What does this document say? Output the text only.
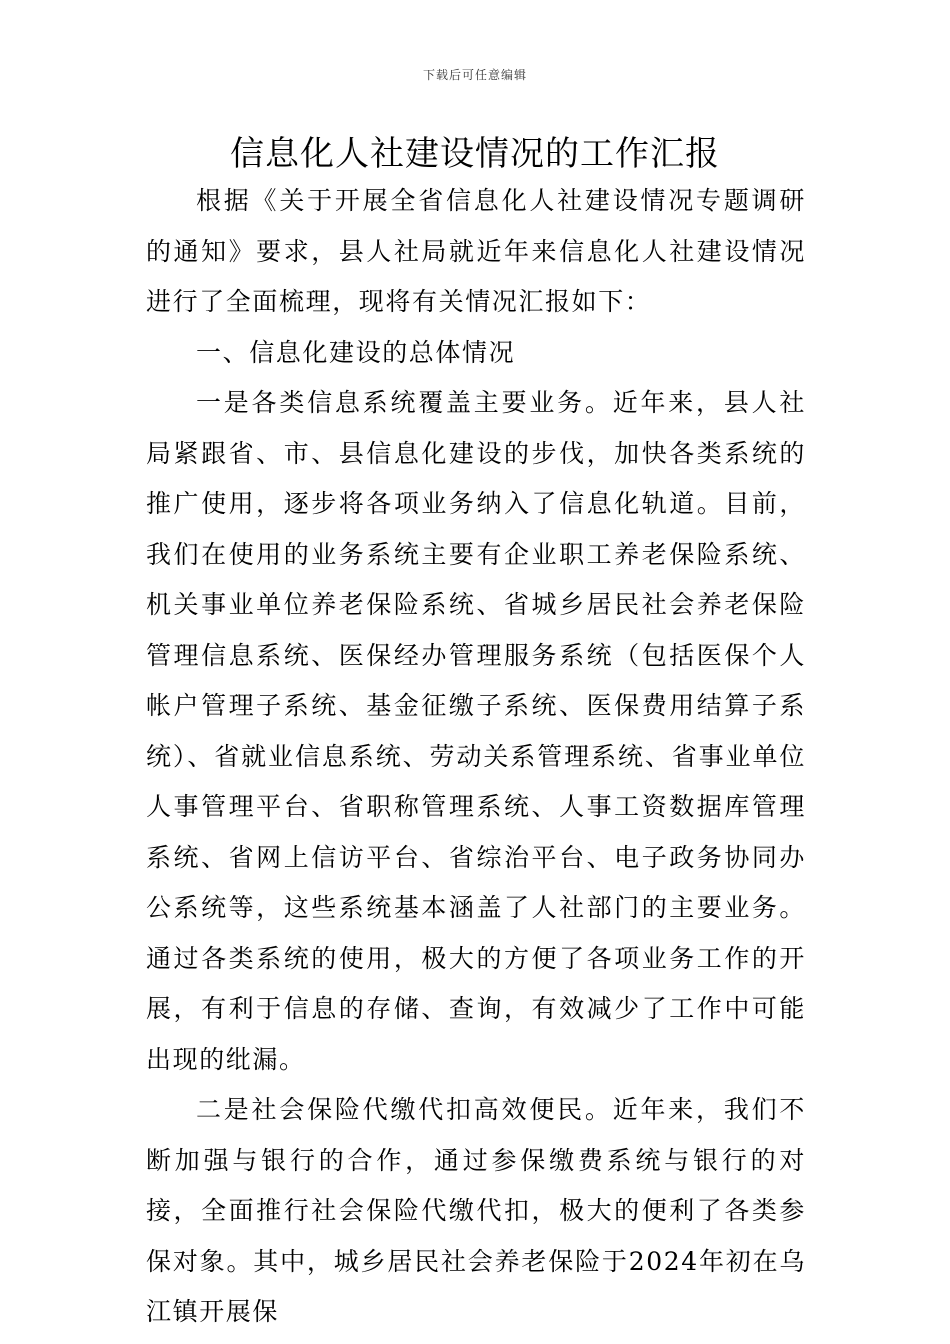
下载后可任意编辑
信息化人社建设情况的工作汇报

根据《关于开展全省信息化人社建设情况专题调研的通知》要求，县人社局就近年来信息化人社建设情况进行了全面梳理，现将有关情况汇报如下：

一、信息化建设的总体情况

一是各类信息系统覆盖主要业务。近年来，县人社局紧跟省、市、县信息化建设的步伐，加快各类系统的推广使用，逐步将各项业务纳入了信息化轨道。目前，我们在使用的业务系统主要有企业职工养老保险系统、机关事业单位养老保险系统、省城乡居民社会养老保险管理信息系统、医保经办管理服务系统（包括医保个人帐户管理子系统、基金征缴子系统、医保费用结算子系统）、省就业信息系统、劳动关系管理系统、省事业单位人事管理平台、省职称管理系统、人事工资数据库管理系统、省网上信访平台、省综治平台、电子政务协同办公系统等，这些系统基本涵盖了人社部门的主要业务。通过各类系统的使用，极大的方便了各项业务工作的开展，有利于信息的存储、查询，有效减少了工作中可能出现的纰漏。

二是社会保险代缴代扣高效便民。近年来，我们不断加强与银行的合作，通过参保缴费系统与银行的对接，全面推行社会保险代缴代扣，极大的便利了各类参保对象。其中，城乡居民社会养老保险于2024年初在乌江镇开展保
